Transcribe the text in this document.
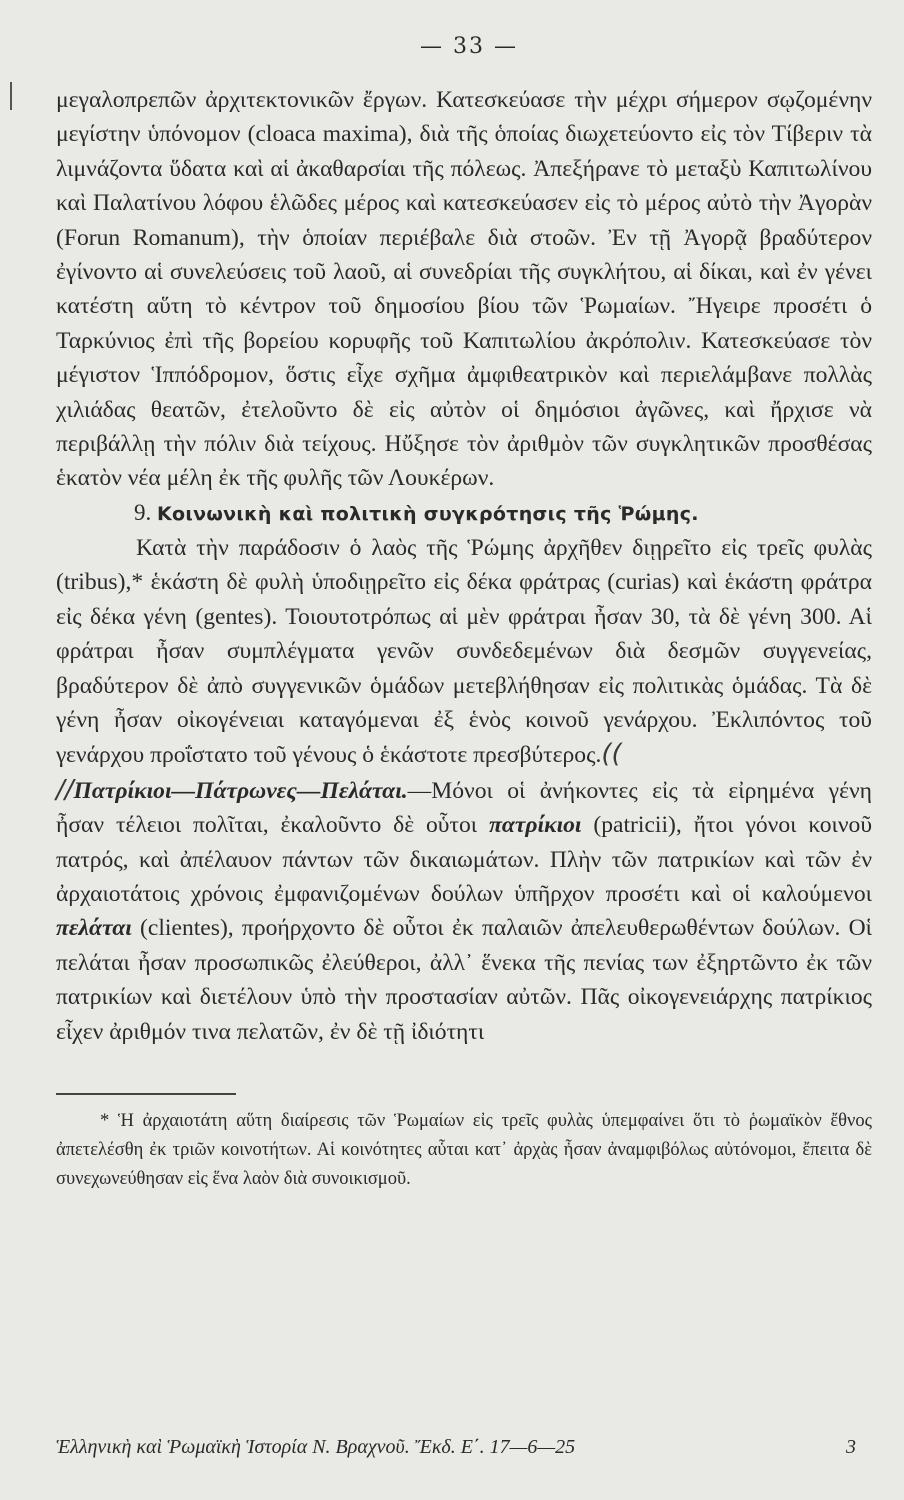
— 33 —

μεγαλοπρεπῶν ἀρχιτεκτονικῶν ἔργων. Κατεσκεύασε τὴν μέχρι σήμερον σῳζομένην μεγίστην ὑπόνομον (cloaca maxima), διὰ τῆς ὁποίας διωχετεύοντο εἰς τὸν Τίβεριν τὰ λιμνάζοντα ὕδατα καὶ αἱ ἀκαθαρσίαι τῆς πόλεως. Ἀπεξήρανε τὸ μεταξὺ Καπιτωλίνου καὶ Παλατίνου λόφου ἑλῶδες μέρος καὶ κατεσκεύασεν εἰς τὸ μέρος αὐτὸ τὴν Ἀγορὰν (Forun Romanum), τὴν ὁποίαν περιέβαλε διὰ στοῶν. Ἐν τῇ Ἀγορᾷ βραδύτερον ἐγίνοντο αἱ συνελεύσεις τοῦ λαοῦ, αἱ συνεδρίαι τῆς συγκλήτου, αἱ δίκαι, καὶ ἐν γένει κατέστη αὕτη τὸ κέντρον τοῦ δημοσίου βίου τῶν Ῥωμαίων. Ἤγειρε προσέτι ὁ Ταρκύνιος ἐπὶ τῆς βορείου κορυφῆς τοῦ Καπιτωλίου ἀκρόπολιν. Κατεσκεύασε τὸν μέγιστον Ἱππόδρομον, ὅστις εἶχε σχῆμα ἀμφιθεατρικὸν καὶ περιελάμβανε πολλὰς χιλιάδας θεατῶν, ἐτελοῦντο δὲ εἰς αὐτὸν οἱ δημόσιοι ἀγῶνες, καὶ ἤρχισε νὰ περιβάλλῃ τὴν πόλιν διὰ τείχους. Ηὔξησε τὸν ἀριθμὸν τῶν συγκλητικῶν προσθέσας ἑκατὸν νέα μέλη ἐκ τῆς φυλῆς τῶν Λουκέρων.

9. Κοινωνικὴ καὶ πολιτικὴ συγκρότησις τῆς Ῥώμης.

Κατὰ τὴν παράδοσιν ὁ λαὸς τῆς Ῥώμης ἀρχῆθεν διῃρεῖτο εἰς τρεῖς φυλὰς (tribus),* ἑκάστη δὲ φυλὴ ὑποδιῃρεῖτο εἰς δέκα φράτρας (curias) καὶ ἑκάστη φράτρα εἰς δέκα γένη (gentes). Τοιουτοτρόπως αἱ μὲν φράτραι ἦσαν 30, τὰ δὲ γένη 300. Αἱ φράτραι ἦσαν συμπλέγματα γενῶν συνδεδεμένων διὰ δεσμῶν συγγενείας, βραδύτερον δὲ ἀπὸ συγγενικῶν ὁμάδων μετεβλήθησαν εἰς πολιτικὰς ὁμάδας. Τὰ δὲ γένη ἦσαν οἰκογένειαι καταγόμεναι ἐξ ἑνὸς κοινοῦ γενάρχου. Ἐκλιπόντος τοῦ γενάρχου προΐστατο τοῦ γένους ὁ ἑκάστοτε πρεσβύτερος.((

//Πατρίκιοι—Πάτρωνες—Πελάται.—Μόνοι οἱ ἀνήκοντες εἰς τὰ εἰρημένα γένη ἦσαν τέλειοι πολῖται, ἐκαλοῦντο δὲ οὗτοι πατρίκιοι (patricii), ἤτοι γόνοι κοινοῦ πατρός, καὶ ἀπέλαυον πάντων τῶν δικαιωμάτων. Πλὴν τῶν πατρικίων καὶ τῶν ἐν ἀρχαιοτάτοις χρόνοις ἐμφανιζομένων δούλων ὑπῆρχον προσέτι καὶ οἱ καλούμενοι πελάται (clientes), προήρχοντο δὲ οὗτοι ἐκ παλαιῶν ἀπελευθερωθέντων δούλων. Οἱ πελάται ἦσαν προσωπικῶς ἐλεύθεροι, ἀλλ᾽ ἕνεκα τῆς πενίας των ἐξηρτῶντο ἐκ τῶν πατρικίων καὶ διετέλουν ὑπὸ τὴν προστασίαν αὐτῶν. Πᾶς οἰκογενειάρχης πατρίκιος εἶχεν ἀριθμόν τινα πελατῶν, ἐν δὲ τῇ ἰδιότητι

* Ἡ ἀρχαιοτάτη αὕτη διαίρεσις τῶν Ῥωμαίων εἰς τρεῖς φυλὰς ὑπεμφαίνει ὅτι τὸ ῥωμαϊκὸν ἔθνος ἀπετελέσθη ἐκ τριῶν κοινοτήτων. Αἱ κοινότητες αὗται κατ᾽ ἀρχὰς ἦσαν ἀναμφιβόλως αὐτόνομοι, ἔπειτα δὲ συνεχωνεύθησαν εἰς ἕνα λαὸν διὰ συνοικισμοῦ.

Ἑλληνικὴ καὶ Ῥωμαϊκὴ Ἱστορία Ν. Βραχνοῦ. Ἔκδ. Ε΄. 17—6—25	3
